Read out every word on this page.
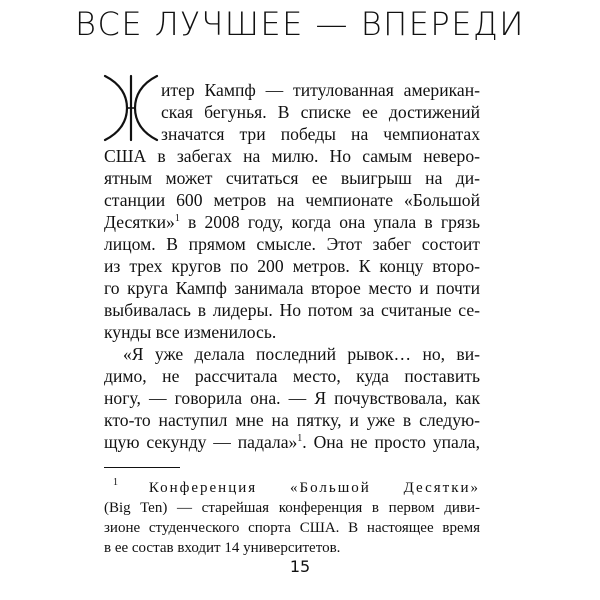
ВСЕ ЛУЧШЕЕ — ВПЕРЕДИ
итер Кампф — титулованная американ-
ская бегунья. В списке ее достижений
значатся три победы на чемпионатах
США в забегах на милю. Но самым неверо-
ятным может считаться ее выигрыш на ди-
станции 600 метров на чемпионате «Большой
Десятки»$^1$ в 2008 году, когда она упала в грязь
лицом. В прямом смысле. Этот забег состоит
из трех кругов по 200 метров. К концу второ-
го круга Кампф занимала второе место и почти
выбивалась в лидеры. Но потом за считаные се-
кунды все изменилось.
«Я уже делала последний рывок… но, ви-
димо, не рассчитала место, куда поставить
ногу, — говорила она. — Я почувствовала, как
кто-то наступил мне на пятку, и уже в следую-
щую секунду — падала»$^1$. Она не просто упала,
$^1$ Конференция «Большой Десятки»
(Big Ten) — старейшая конференция в первом диви-
зионе студенческого спорта США. В настоящее время
в ее состав входит 14 университетов.
15
